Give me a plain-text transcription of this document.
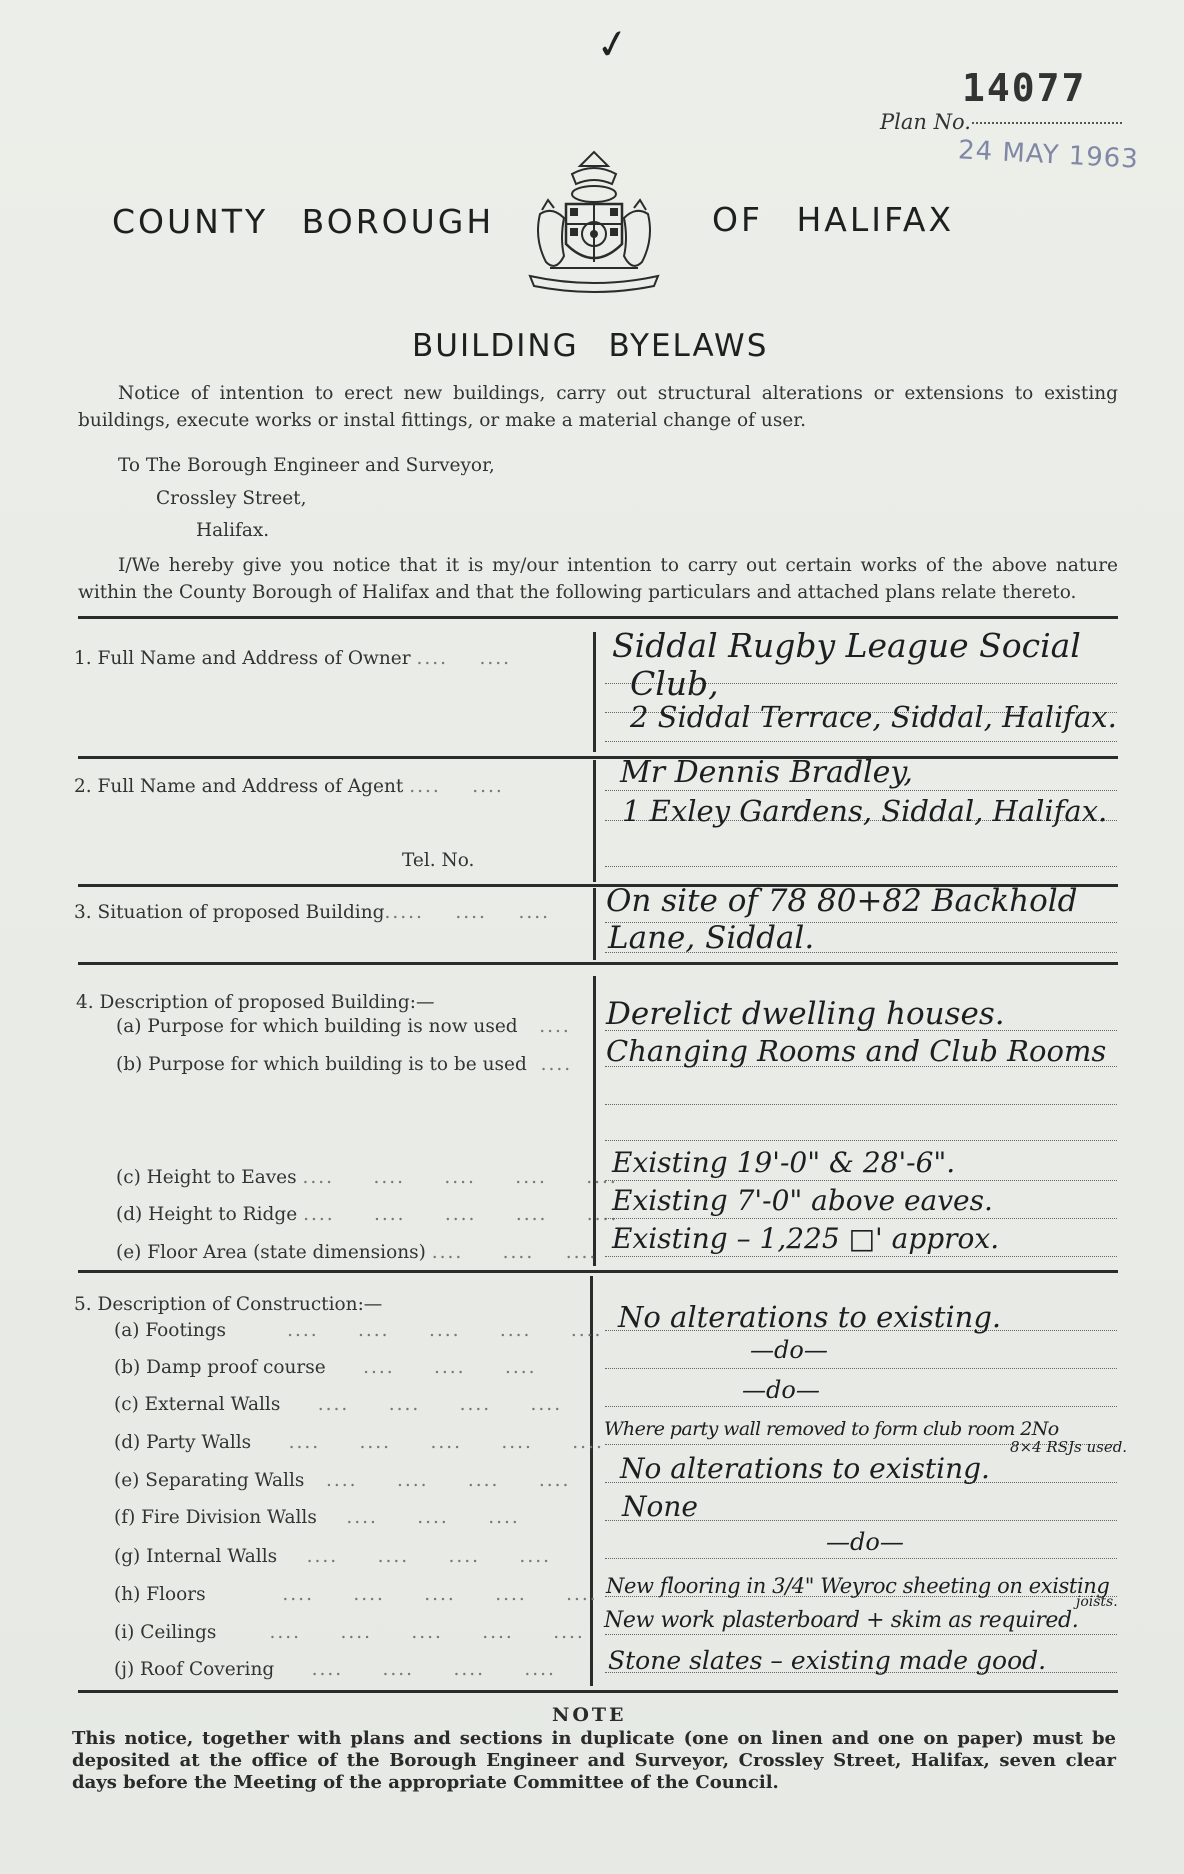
✓
14077
Plan No.
24 MAY 1963
COUNTY BOROUGH	OF HALIFAX
BUILDING BYELAWS
Notice of intention to erect new buildings, carry out structural alterations or extensions to existing buildings, execute works or instal fittings, or make a material change of user.
To The Borough Engineer and Surveyor,
Crossley Street,
Halifax.
I/We hereby give you notice that it is my/our intention to carry out certain works of the above nature within the County Borough of Halifax and that the following particulars and attached plans relate thereto.
1. Full Name and Address of Owner ....    ....	Siddal Rugby League Social
Club,
2 Siddal Terrace, Siddal, Halifax.
2. Full Name and Address of Agent ....    ....
Tel. No.
Mr Dennis Bradley,
1 Exley Gardens, Siddal, Halifax.
3. Situation of proposed Building.....    ....    .... On site of 78 80+82 Backhold
Lane, Siddal.
4. Description of proposed Building:—
(a) Purpose for which building is now used   ....
(b) Purpose for which building is to be used  ....
(c) Height to Eaves ....     ....     ....     ....     ....
(d) Height to Ridge ....     ....     ....     ....     ....
(e) Floor Area (state dimensions) ....     ....    ....
Derelict dwelling houses.
Changing Rooms and Club Rooms
Existing 19'-0" & 28'-6".
Existing 7'-0" above eaves.
Existing – 1,225 □' approx.
5. Description of Construction:—
(a) Footings        ....     ....     ....     ....     ....
(b) Damp proof course     ....     ....     ....
(c) External Walls     ....     ....     ....     ....
(d) Party Walls     ....     ....     ....     ....     ....
(e) Separating Walls   ....     ....     ....     ....
(f) Fire Division Walls    ....     ....     ....
(g) Internal Walls    ....     ....     ....     ....
(h) Floors          ....     ....     ....     ....     ....
(i) Ceilings       ....     ....     ....     ....     ....
(j) Roof Covering     ....     ....     ....     ....
No alterations to existing.
—do—
—do—
Where party wall removed to form club room 2No
8×4 RSJs used.
No alterations to existing.
None
—do—
New flooring in 3/4" Weyroc sheeting on existing
joists.
New work plasterboard + skim as required.
Stone slates – existing made good.
NOTE
This notice, together with plans and sections in duplicate (one on linen and one on paper) must be deposited at the office of the Borough Engineer and Surveyor, Crossley Street, Halifax, seven clear days before the Meeting of the appropriate Committee of the Council.
